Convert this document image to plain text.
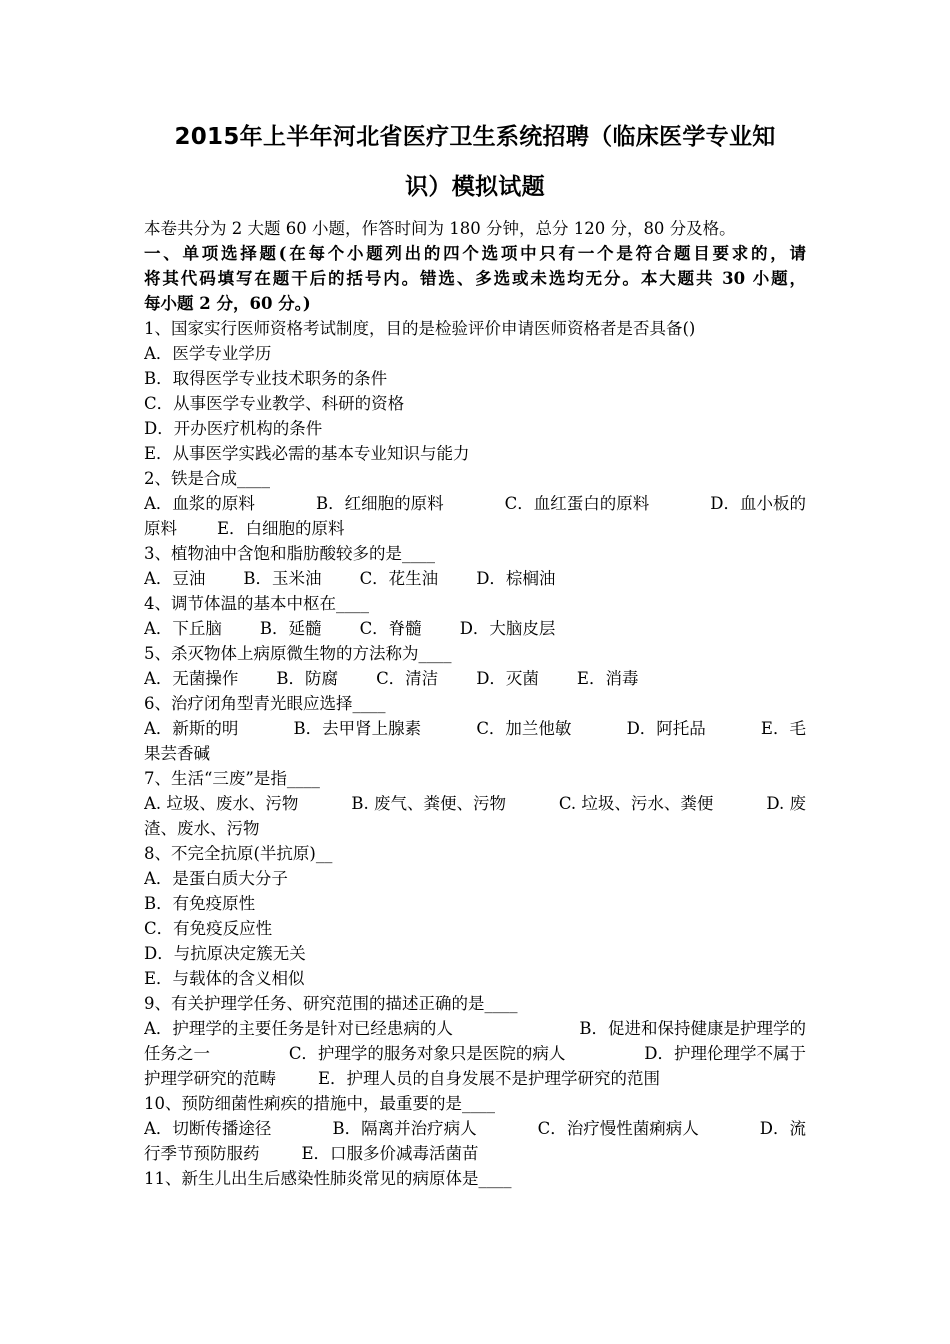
2015年上半年河北省医疗卫生系统招聘（临床医学专业知
识）模拟试题
本卷共分为 2 大题 60 小题，作答时间为 180 分钟，总分 120 分，80 分及格。
一、单项选择题(在每个小题列出的四个选项中只有一个是符合题目要求的，请
将其代码填写在题干后的括号内。错选、多选或未选均无分。本大题共 30 小题，
每小题 2 分，60 分。)
1、国家实行医师资格考试制度，目的是检验评价申请医师资格者是否具备()
A．医学专业学历
B．取得医学专业技术职务的条件
C．从事医学专业教学、科研的资格
D．开办医疗机构的条件
E．从事医学实践必需的基本专业知识与能力
2、铁是合成____
A．血浆的原料	B．红细胞的原料	C．血红蛋白的原料	D．血小板的
原料 E．白细胞的原料
3、植物油中含饱和脂肪酸较多的是____
A．豆油 B．玉米油 C．花生油 D．棕榈油
4、调节体温的基本中枢在____
A．下丘脑 B．延髓 C．脊髓 D．大脑皮层
5、杀灭物体上病原微生物的方法称为____
A．无菌操作 B．防腐 C．清洁 D．灭菌 E．消毒
6、治疗闭角型青光眼应选择____
A．新斯的明	B．去甲肾上腺素	C．加兰他敏	D．阿托品	E．毛
果芸香碱
7、生活“三废”是指____
A. 垃圾、废水、污物	B. 废气、粪便、污物	C. 垃圾、污水、粪便	D. 废
渣、废水、污物
8、不完全抗原(半抗原)__
A．是蛋白质大分子
B．有免疫原性
C．有免疫反应性
D．与抗原决定簇无关
E．与载体的含义相似
9、有关护理学任务、研究范围的描述正确的是____
A．护理学的主要任务是针对已经患病的人	B．促进和保持健康是护理学的
任务之一	C．护理学的服务对象只是医院的病人	D．护理伦理学不属于
护理学研究的范畴	E．护理人员的自身发展不是护理学研究的范围
10、预防细菌性痢疾的措施中，最重要的是____
A．切断传播途径	B．隔离并治疗病人	C．治疗慢性菌痢病人	D．流
行季节预防服药	E．口服多价减毒活菌苗
11、新生儿出生后感染性肺炎常见的病原体是____
